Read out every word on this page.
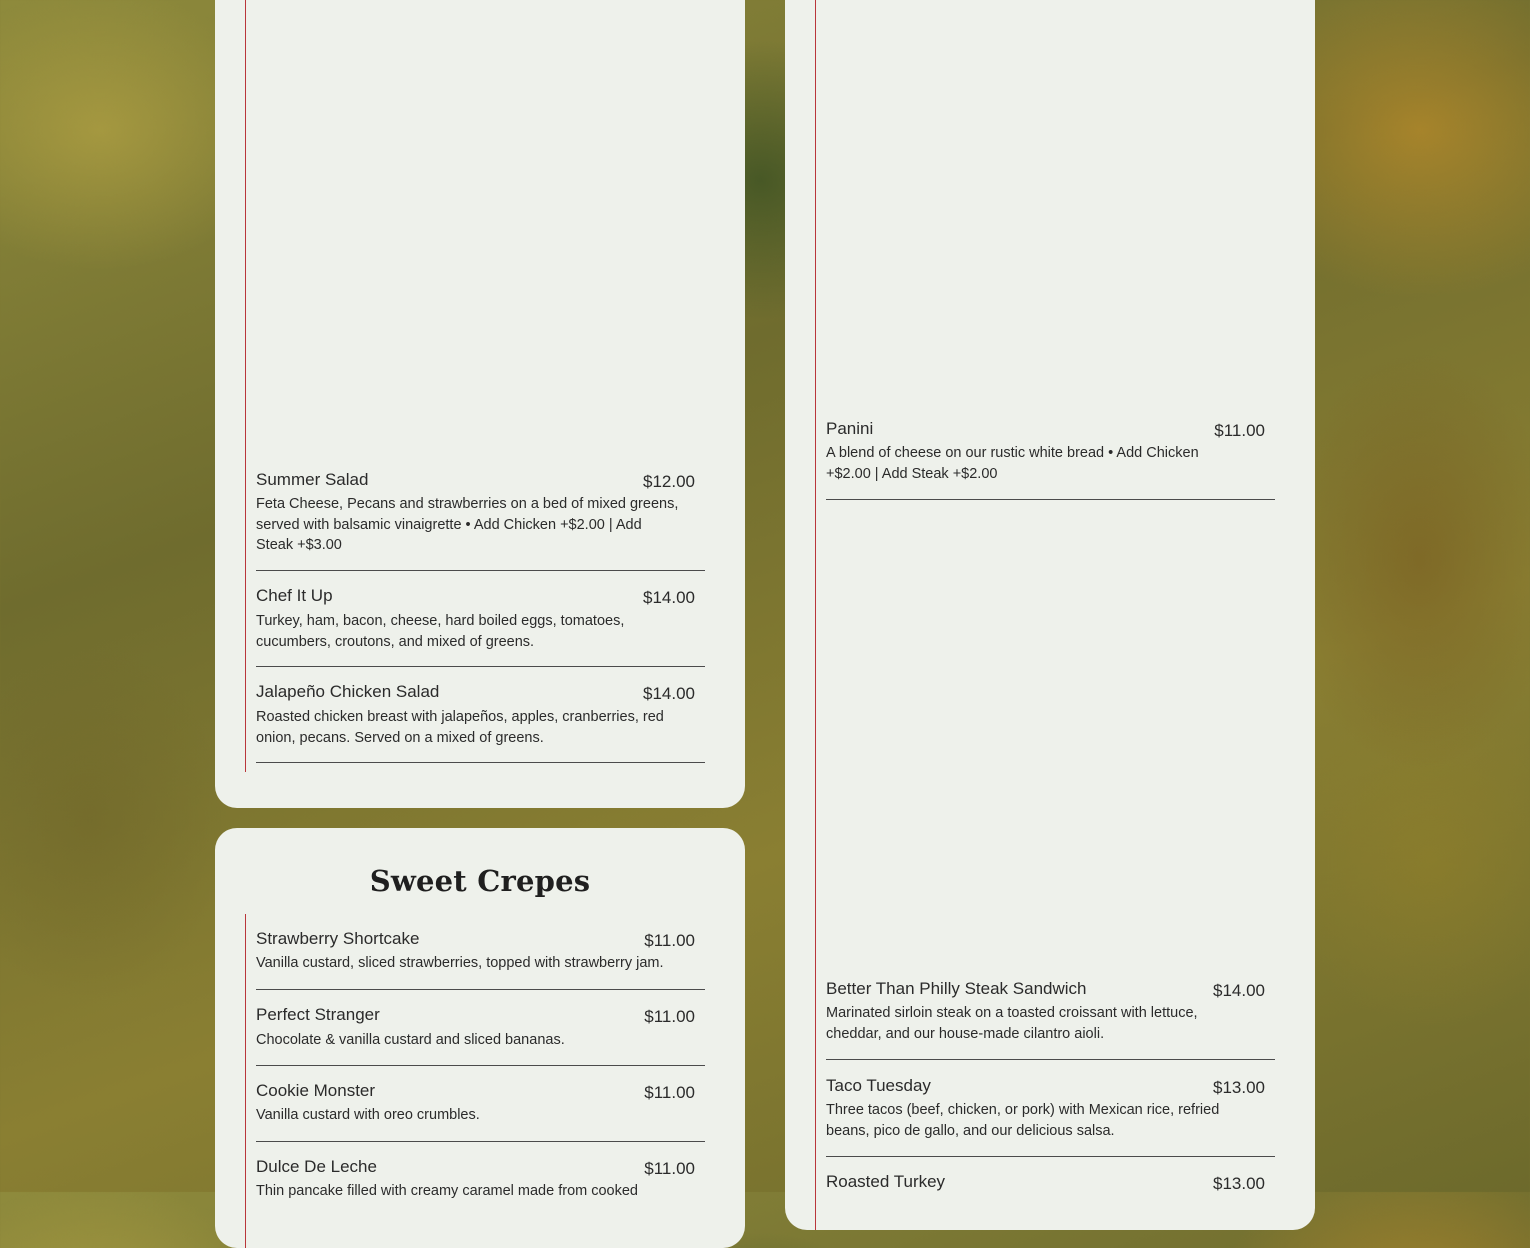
Summer Salad	$12.00
Feta Cheese, Pecans and strawberries on a bed of mixed greens, served with balsamic vinaigrette • Add Chicken +$2.00 | Add Steak +$3.00
Chef It Up	$14.00
Turkey, ham, bacon, cheese, hard boiled eggs, tomatoes, cucumbers, croutons, and mixed of greens.
Jalapeño Chicken Salad	$14.00
Roasted chicken breast with jalapeños, apples, cranberries, red onion, pecans. Served on a mixed of greens.
Sweet Crepes
Strawberry Shortcake	$11.00
Vanilla custard, sliced strawberries, topped with strawberry jam.
Perfect Stranger	$11.00
Chocolate & vanilla custard and sliced bananas.
Cookie Monster	$11.00
Vanilla custard with oreo crumbles.
Dulce De Leche	$11.00
Thin pancake filled with creamy caramel made from cooked
Panini	$11.00
A blend of cheese on our rustic white bread • Add Chicken +$2.00 | Add Steak +$2.00
Better Than Philly Steak Sandwich	$14.00
Marinated sirloin steak on a toasted croissant with lettuce, cheddar, and our house-made cilantro aioli.
Taco Tuesday	$13.00
Three tacos (beef, chicken, or pork) with Mexican rice, refried beans, pico de gallo, and our delicious salsa.
Roasted Turkey	$13.00
